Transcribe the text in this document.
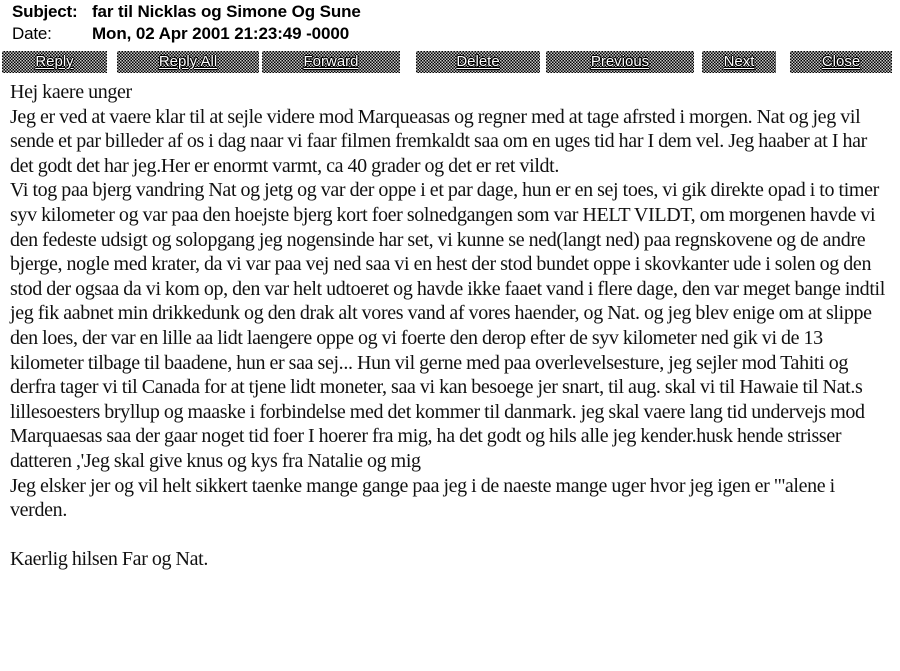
Subject: far til Nicklas og Simone Og Sune
Date: Mon, 02 Apr 2001 21:23:49 -0000
Reply	Reply All	Forward	Delete	Previous	Next	Close

Hej kaere unger

Jeg er ved at vaere klar til at sejle videre mod Marqueasas og regner med at tage afrsted i morgen. Nat og jeg vil sende et par billeder af os i dag naar vi faar filmen fremkaldt saa om en uges tid har I dem vel. Jeg haaber at I har det godt det har jeg.Her er enormt varmt, ca 40 grader og det er ret vildt.

Vi tog paa bjerg vandring Nat og jetg og var der oppe i et par dage, hun er en sej toes, vi gik direkte opad i to timer syv kilometer og var paa den hoejste bjerg kort foer solnedgangen som var HELT VILDT, om morgenen havde vi den fedeste udsigt og solopgang jeg nogensinde har set, vi kunne se ned(langt ned) paa regnskovene og de andre bjerge, nogle med krater, da vi var paa vej ned saa vi en hest der stod bundet oppe i skovkanter ude i solen og den stod der ogsaa da vi kom op, den var helt udtoeret og havde ikke faaet vand i flere dage, den var meget bange indtil jeg fik aabnet min drikkedunk og den drak alt vores vand af vores haender, og Nat. og jeg blev enige om at slippe den loes, der var en lille aa lidt laengere oppe og vi foerte den derop efter de syv kilometer ned gik vi de 13 kilometer tilbage til baadene, hun er saa sej... Hun vil gerne med paa overlevelsesture, jeg sejler mod Tahiti og derfra tager vi til Canada for at tjene lidt moneter, saa vi kan besoege jer snart, til aug. skal vi til Hawaie til Nat.s lillesoesters bryllup og maaske i forbindelse med det kommer til danmark. jeg skal vaere lang tid undervejs mod Marquaesas saa der gaar noget tid foer I hoerer fra mig, ha det godt og hils alle jeg kender.husk hende strisser datteren ,'Jeg skal give knus og kys fra Natalie og mig

Jeg elsker jer og vil helt sikkert taenke mange gange paa jeg i de naeste mange uger hvor jeg igen er "'alene i verden.

Kaerlig hilsen Far og Nat.
